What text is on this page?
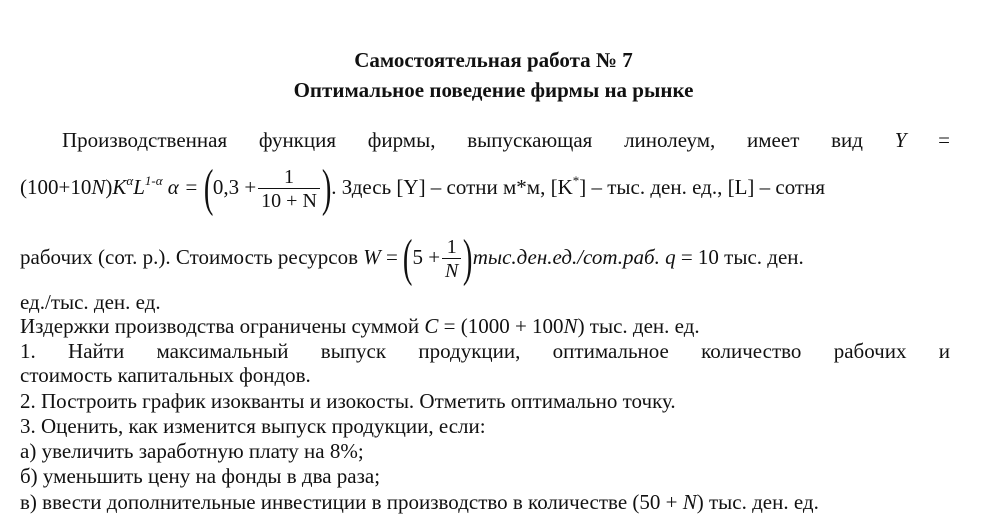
Самостоятельная работа № 7
Оптимальное поведение фирмы на рынке
Производственная функция фирмы, выпускающая линолеум, имеет вид Y =
$(100+10N)K^\alpha L^{1-\alpha}$ $\alpha = (0,3 + \frac{1}{10 + N}$ ). Здесь [Y] – сотни м*м, [K*] – тыс. ден. ед., [L] – сотня
рабочих (сот. р.). Стоимость ресурсов $W = (5 + \frac{1}{N} )тыс.ден.ед./сот.раб$. q = 10 тыс. ден.
ед./тыс. ден. ед.
Издержки производства ограничены суммой C = (1000 + 100N) тыс. ден. ед.
1. Найти максимальный выпуск продукции, оптимальное количество рабочих и
стоимость капитальных фондов.
2. Построить график изокванты и изокосты. Отметить оптимально точку.
3. Оценить, как изменится выпуск продукции, если:
а) увеличить заработную плату на 8%;
б) уменьшить цену на фонды в два раза;
в) ввести дополнительные инвестиции в производство в количестве (50 + N) тыс. ден. ед.
